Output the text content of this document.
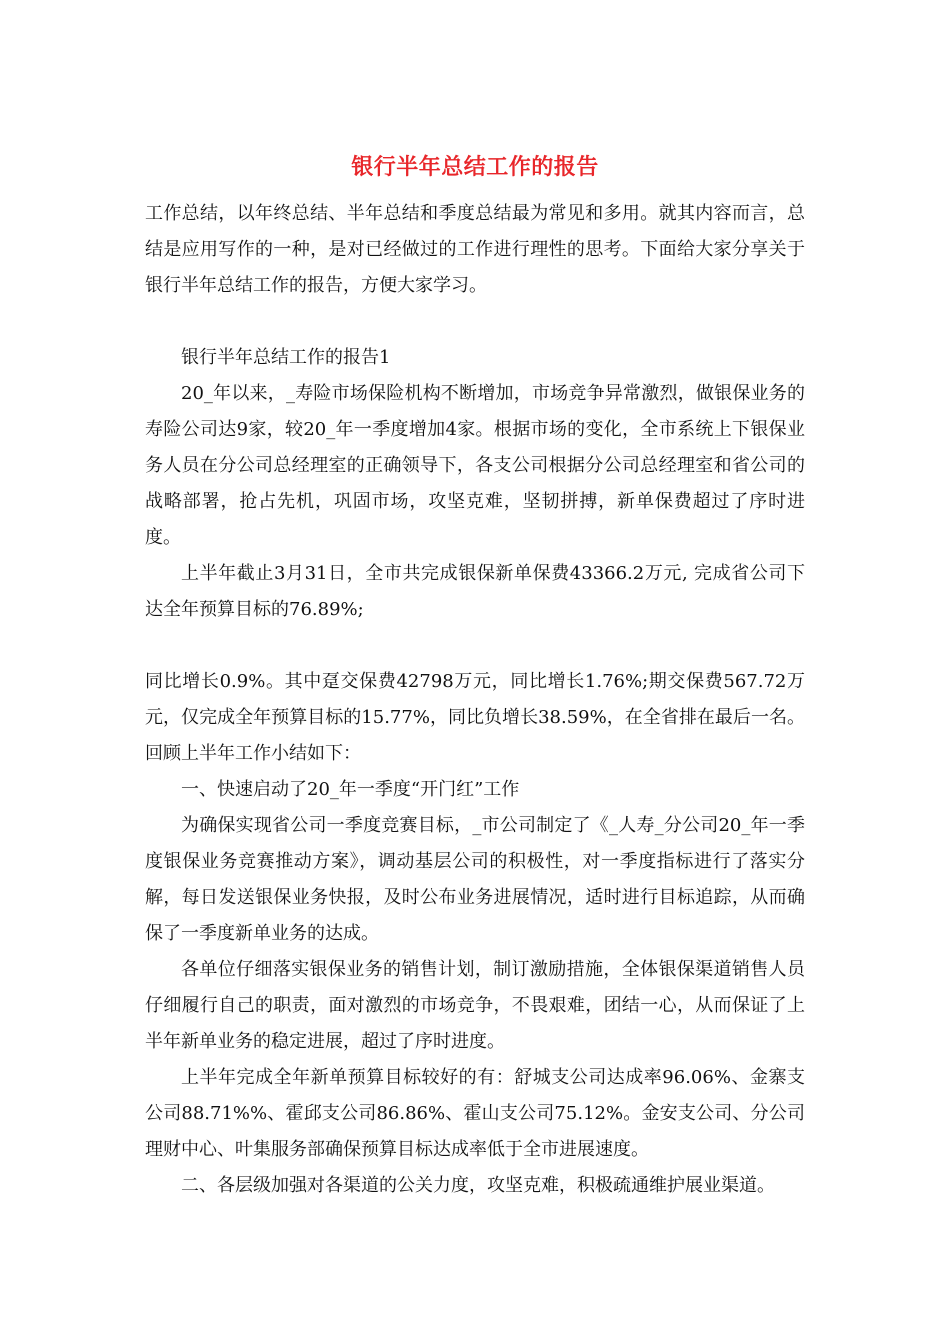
银行半年总结工作的报告

工作总结，以年终总结、半年总结和季度总结最为常见和多用。就其内容而言，总结是应用写作的一种，是对已经做过的工作进行理性的思考。下面给大家分享关于银行半年总结工作的报告，方便大家学习。

银行半年总结工作的报告1

20_年以来，_寿险市场保险机构不断增加，市场竞争异常激烈，做银保业务的寿险公司达9家，较20_年一季度增加4家。根据市场的变化，全市系统上下银保业务人员在分公司总经理室的正确领导下，各支公司根据分公司总经理室和省公司的战略部署，抢占先机，巩固市场，攻坚克难，坚韧拼搏，新单保费超过了序时进度。

上半年截止3月31日，全市共完成银保新单保费43366.2万元, 完成省公司下达全年预算目标的76.89%;

同比增长0.9%。其中趸交保费42798万元，同比增长1.76%;期交保费567.72万元，仅完成全年预算目标的15.77%，同比负增长38.59%，在全省排在最后一名。回顾上半年工作小结如下：

一、快速启动了20_年一季度“开门红”工作

为确保实现省公司一季度竞赛目标，_市公司制定了《_人寿_分公司20_年一季度银保业务竞赛推动方案》，调动基层公司的积极性，对一季度指标进行了落实分解，每日发送银保业务快报，及时公布业务进展情况，适时进行目标追踪，从而确保了一季度新单业务的达成。

各单位仔细落实银保业务的销售计划，制订激励措施，全体银保渠道销售人员仔细履行自己的职责，面对激烈的市场竞争，不畏艰难，团结一心，从而保证了上半年新单业务的稳定进展，超过了序时进度。

上半年完成全年新单预算目标较好的有：舒城支公司达成率96.06%、金寨支公司88.71%%、霍邱支公司86.86%、霍山支公司75.12%。金安支公司、分公司理财中心、叶集服务部确保预算目标达成率低于全市进展速度。

二、各层级加强对各渠道的公关力度，攻坚克难，积极疏通维护展业渠道。
